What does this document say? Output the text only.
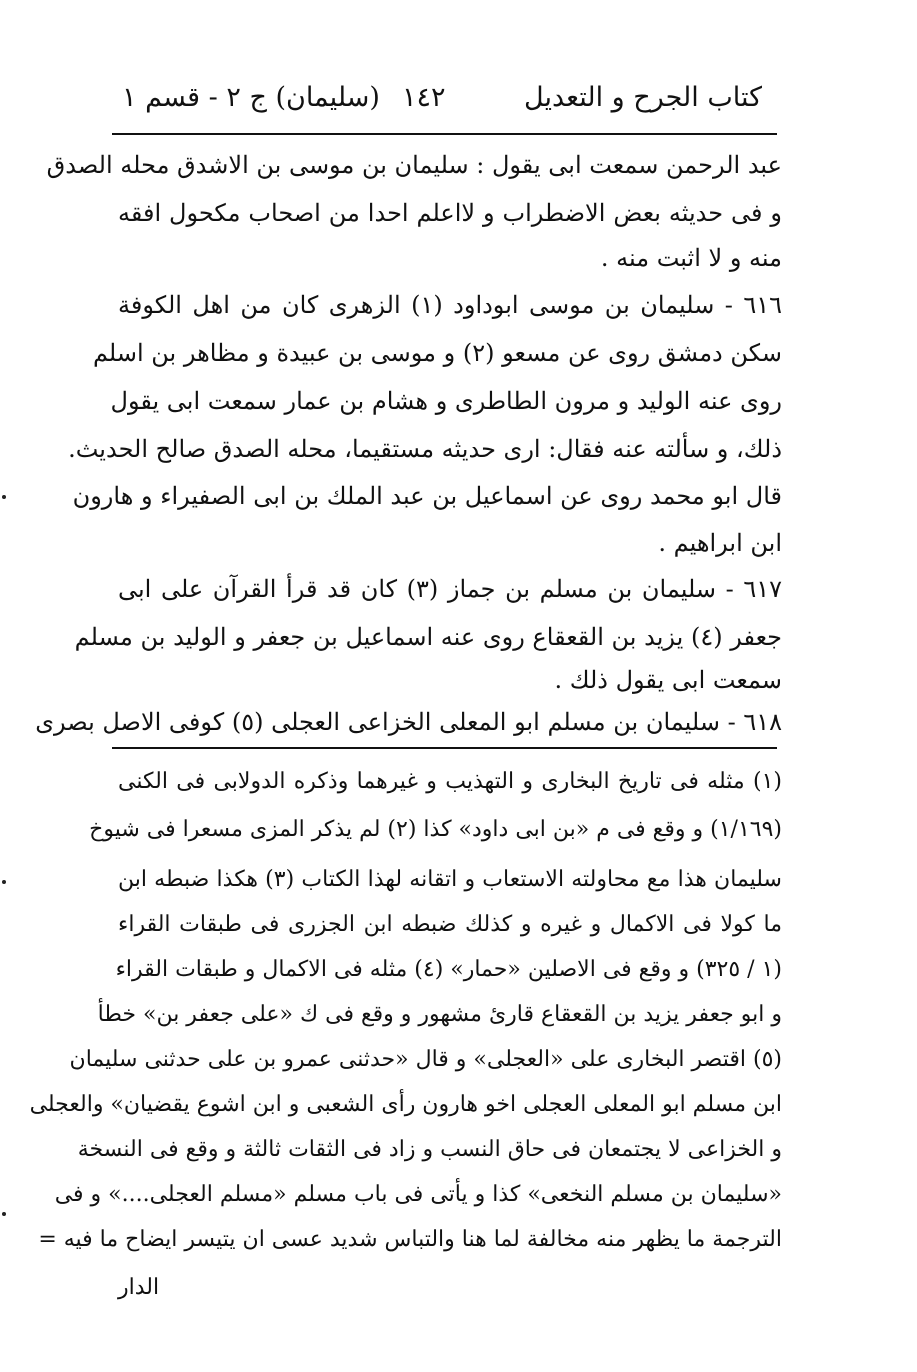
كتاب الجرح و التعديل
١٤٢
(سليمان) ج ٢ - قسم ١
عبد الرحمن سمعت ابى يقول : سليمان بن موسى بن الاشدق محله الصدق
و فى حديثه بعض الاضطراب و لااعلم احدا من اصحاب مكحول افقه
منه و لا اثبت منه .
٦١٦ - سليمان بن موسى ابوداود (١) الزهرى كان من اهل الكوفة
سكن دمشق روى عن مسعو (٢) و موسى بن عبيدة و مظاهر بن اسلم
روى عنه الوليد و مرون الطاطرى و هشام بن عمار سمعت ابى يقول
ذلك، و سألته عنه فقال: ارى حديثه مستقيما، محله الصدق صالح الحديث.
قال ابو محمد روى عن اسماعيل بن عبد الملك بن ابى الصفيراء و هارون
ابن ابراهيم .
٦١٧ - سليمان بن مسلم بن جماز (٣) كان قد قرأ القرآن على ابى
جعفر (٤) يزيد بن القعقاع روى عنه اسماعيل بن جعفر و الوليد بن مسلم
سمعت ابى يقول ذلك .
٦١٨ - سليمان بن مسلم ابو المعلى الخزاعى العجلى (٥) كوفى الاصل بصرى
(١) مثله فى تاريخ البخارى و التهذيب و غيرهما وذكره الدولابى فى الكنى
(١/١٦٩) و وقع فى م «بن ابى داود» كذا (٢) لم يذكر المزى مسعرا فى شيوخ
سليمان هذا مع محاولته الاستعاب و اتقانه لهذا الكتاب (٣) هكذا ضبطه ابن
ما كولا فى الاكمال و غيره و كذلك ضبطه ابن الجزرى فى طبقات القراء
(١ / ٣٢٥) و وقع فى الاصلين «حمار» (٤) مثله فى الاكمال و طبقات القراء
و ابو جعفر يزيد بن القعقاع قارئ مشهور و وقع فى ك «على جعفر بن» خطأ
(٥) اقتصر البخارى على «العجلى» و قال «حدثنى عمرو بن على حدثنى سليمان
ابن مسلم ابو المعلى العجلى اخو هارون رأى الشعبى و ابن اشوع يقضيان» والعجلى
و الخزاعى لا يجتمعان فى حاق النسب و زاد فى الثقات ثالثة و وقع فى النسخة
«سليمان بن مسلم النخعى» كذا و يأتى فى باب مسلم «مسلم العجلى....» و فى
الترجمة ما يظهر منه مخالفة لما هنا والتباس شديد عسى ان يتيسر ايضاح ما فيه =
الدار
